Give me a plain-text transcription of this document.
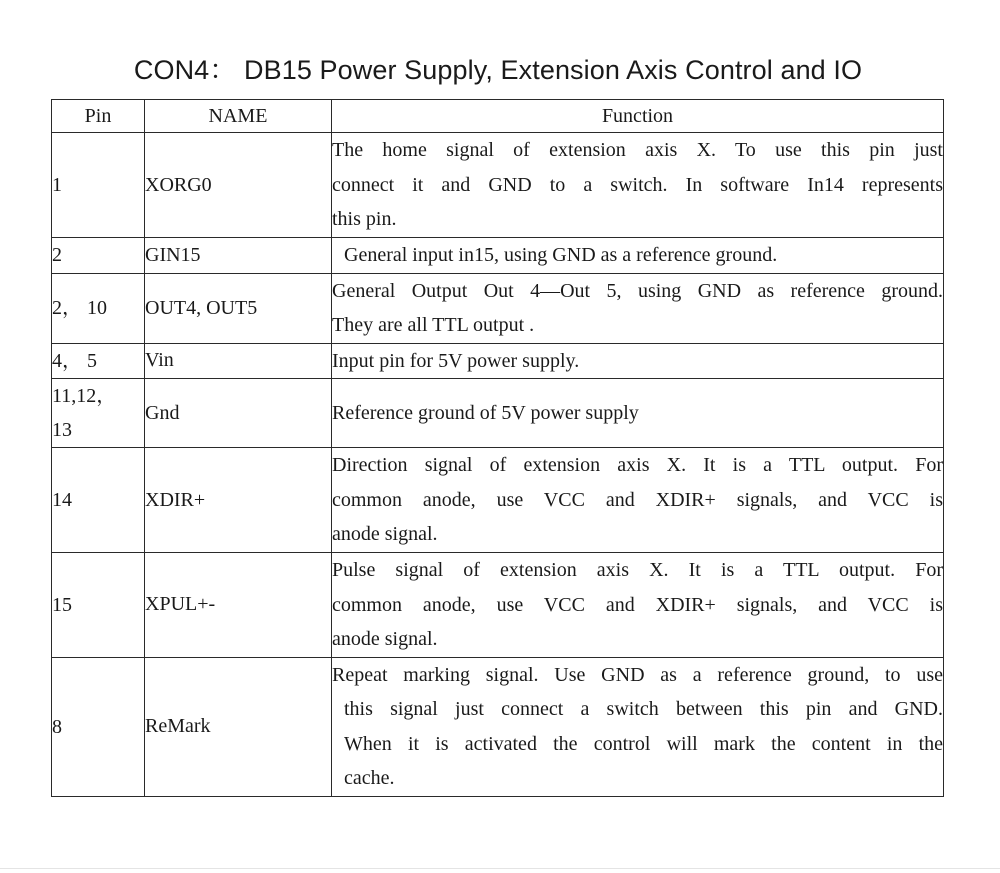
CON4： DB15 Power Supply, Extension Axis Control and IO
Pin	NAME	Function
1	XORG0	The home signal of extension axis X. To use this pin just
connect it and GND to a switch. In software In14 represents
this pin.

2	GIN15	General input in15, using GND as a reference ground.

2， 10	OUT4, OUT5	General Output Out 4—Out 5, using GND as reference ground.
They are all TTL output .

4， 5	Vin	Input pin for 5V power supply.

11,12，
13	Gnd	Reference ground of 5V power supply

14	XDIR+	Direction signal of extension axis X. It is a TTL output. For
common anode, use VCC and XDIR+ signals, and VCC is
anode signal.

15	XPUL+-	Pulse signal of extension axis X. It is a TTL output. For
common anode, use VCC and XDIR+ signals, and VCC is
anode signal.

8	ReMark	Repeat marking signal. Use GND as a reference ground, to use
this signal just connect a switch between this pin and GND.
When it is activated the control will mark the content in the
cache.
